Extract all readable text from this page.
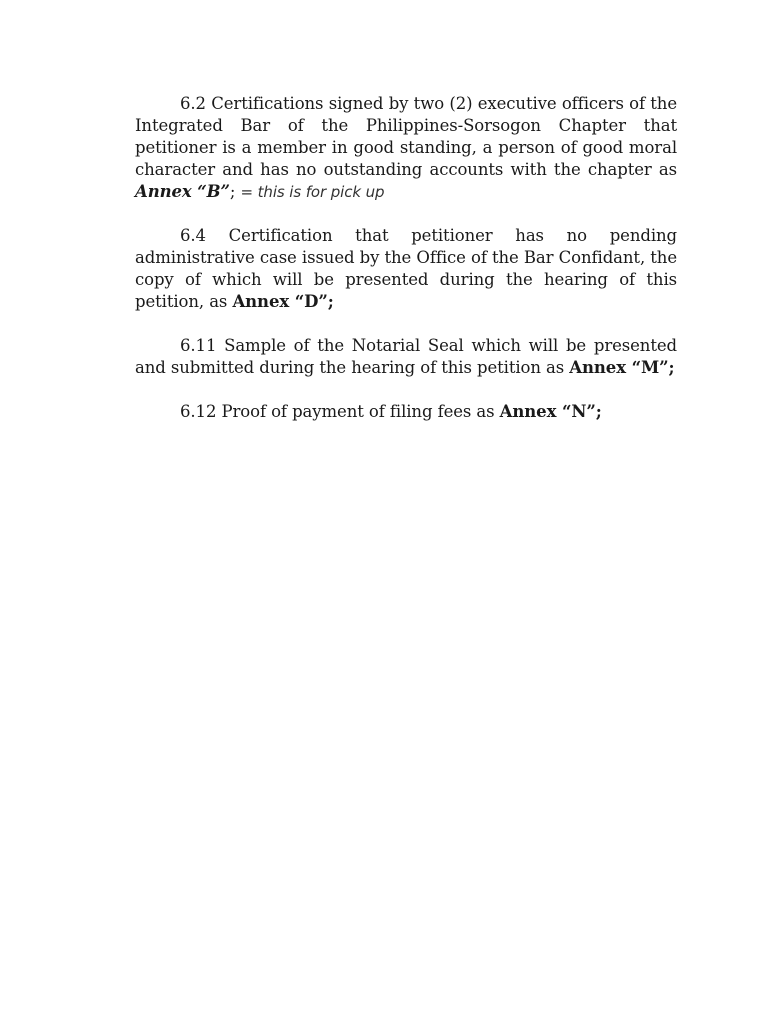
6.2 Certifications signed by two (2) executive officers of the Integrated Bar of the Philippines-Sorsogon Chapter that petitioner is a member in good standing, a person of good moral character and has no outstanding accounts with the chapter as Annex “B”; = this is for pick up

6.4 Certification that petitioner has no pending administrative case issued by the Office of the Bar Confidant, the copy of which will be presented during the hearing of this petition, as Annex “D”;

6.11 Sample of the Notarial Seal which will be presented and submitted during the hearing of this petition as Annex “M”;

6.12 Proof of payment of filing fees as Annex “N”;
